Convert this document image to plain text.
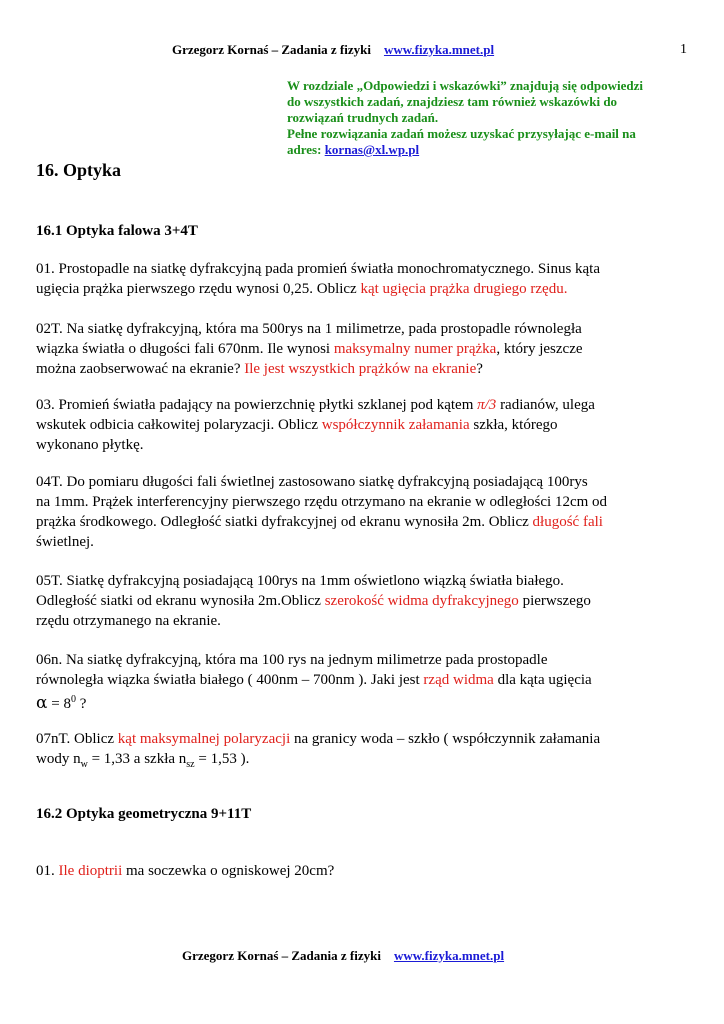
Grzegorz Kornaś – Zadania z fizyki www.fizyka.mnet.pl	1

W rozdziale „Odpowiedzi i wskazówki” znajdują się odpowiedzi

do wszystkich zadań, znajdziesz tam również wskazówki do

rozwiązań trudnych zadań.

Pełne rozwiązania zadań możesz uzyskać przysyłając e-mail na

adres: kornas@xl.wp.pl

16. Optyka
16.1 Optyka falowa 3+4T

01. Prostopadle na siatkę dyfrakcyjną pada promień światła monochromatycznego. Sinus kąta

ugięcia prążka pierwszego rzędu wynosi 0,25. Oblicz kąt ugięcia prążka drugiego rzędu.

02T. Na siatkę dyfrakcyjną, która ma 500rys na 1 milimetrze, pada prostopadle równoległa

wiązka światła o długości fali 670nm. Ile wynosi maksymalny numer prążka, który jeszcze

można zaobserwować na ekranie? Ile jest wszystkich prążków na ekranie?

03. Promień światła padający na powierzchnię płytki szklanej pod kątem π/3 radianów, ulega

wskutek odbicia całkowitej polaryzacji. Oblicz współczynnik załamania szkła, którego

wykonano płytkę.

04T. Do pomiaru długości fali świetlnej zastosowano siatkę dyfrakcyjną posiadającą 100rys

na 1mm. Prążek interferencyjny pierwszego rzędu otrzymano na ekranie w odległości 12cm od

prążka środkowego. Odległość siatki dyfrakcyjnej od ekranu wynosiła 2m. Oblicz długość fali

świetlnej.

05T. Siatkę dyfrakcyjną posiadającą 100rys na 1mm oświetlono wiązką światła białego.

Odległość siatki od ekranu wynosiła 2m.Oblicz szerokość widma dyfrakcyjnego pierwszego

rzędu otrzymanego na ekranie.

06n. Na siatkę dyfrakcyjną, która ma 100 rys na jednym milimetrze pada prostopadle

równoległa wiązka światła białego ( 400nm – 700nm ). Jaki jest rząd widma dla kąta ugięcia

$\alpha = 8^0$ ?

07nT. Oblicz kąt maksymalnej polaryzacji na granicy woda – szkło ( współczynnik załamania

wody $n_w = 1,33$ a szkła $n_{sz} = 1,53$ ).

16.2 Optyka geometryczna 9+11T

01. Ile dioptrii ma soczewka o ogniskowej 20cm?

Grzegorz Kornaś – Zadania z fizyki www.fizyka.mnet.pl
